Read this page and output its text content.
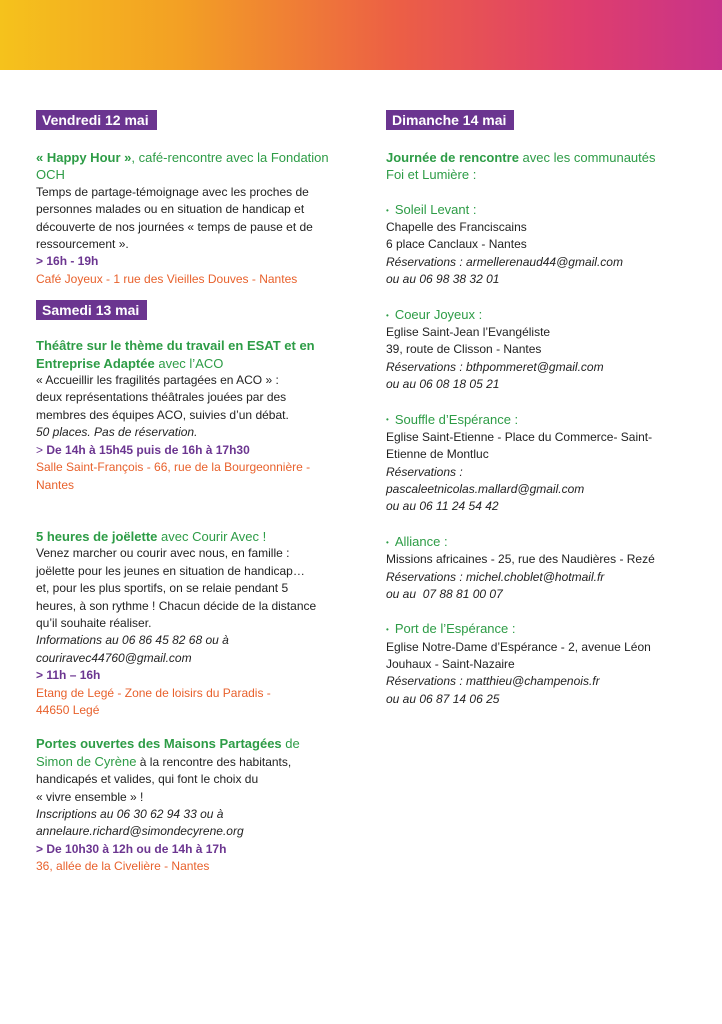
Vendredi 12 mai

« Happy Hour », café-rencontre avec la Fondation OCH

Temps de partage-témoignage avec les proches de

personnes malades ou en situation de handicap et

découverte de nos journées « temps de pause et de

ressourcement ».

> 16h - 19h

Café Joyeux - 1 rue des Vieilles Douves - Nantes

Samedi 13 mai

Théâtre sur le thème du travail en ESAT et en

Entreprise Adaptée avec l’ACO

« Accueillir les fragilités partagées en ACO » :

deux représentations théâtrales jouées par des

membres des équipes ACO, suivies d’un débat.

50 places. Pas de réservation.

> De 14h à 15h45 puis de 16h à 17h30

Salle Saint-François - 66, rue de la Bourgeonnière -

Nantes

5 heures de joëlette avec Courir Avec !

Venez marcher ou courir avec nous, en famille :

joëlette pour les jeunes en situation de handicap…

et, pour les plus sportifs, on se relaie pendant 5

heures, à son rythme ! Chacun décide de la distance

qu’il souhaite réaliser.

Informations au 06 86 45 82 68 ou à

couriravec44760@gmail.com

> 11h – 16h

Etang de Legé - Zone de loisirs du Paradis -

44650 Legé

Portes ouvertes des Maisons Partagées de

Simon de Cyrène à la rencontre des habitants,

handicapés et valides, qui font le choix du

« vivre ensemble » !

Inscriptions au 06 30 62 94 33 ou à

annelaure.richard@simondecyrene.org

> De 10h30 à 12h ou de 14h à 17h

36, allée de la Civelière - Nantes

Dimanche 14 mai

Journée de rencontre avec les communautés

Foi et Lumière :

• Soleil Levant :

Chapelle des Franciscains

6 place Canclaux - Nantes

Réservations : armellerenaud44@gmail.com

ou au 06 98 38 32 01

• Coeur Joyeux :

Eglise Saint-Jean l’Evangéliste

39, route de Clisson - Nantes

Réservations : bthpommeret@gmail.com

ou au 06 08 18 05 21

• Souffle d’Espérance :

Eglise Saint-Etienne - Place du Commerce- Saint-

Etienne de Montluc

Réservations :

pascaleetnicolas.mallard@gmail.com

ou au 06 11 24 54 42

• Alliance :

Missions africaines - 25, rue des Naudières - Rezé

Réservations : michel.choblet@hotmail.fr

ou au  07 88 81 00 07

• Port de l’Espérance :

Eglise Notre-Dame d’Espérance - 2, avenue Léon

Jouhaux - Saint-Nazaire

Réservations : matthieu@champenois.fr

ou au 06 87 14 06 25
